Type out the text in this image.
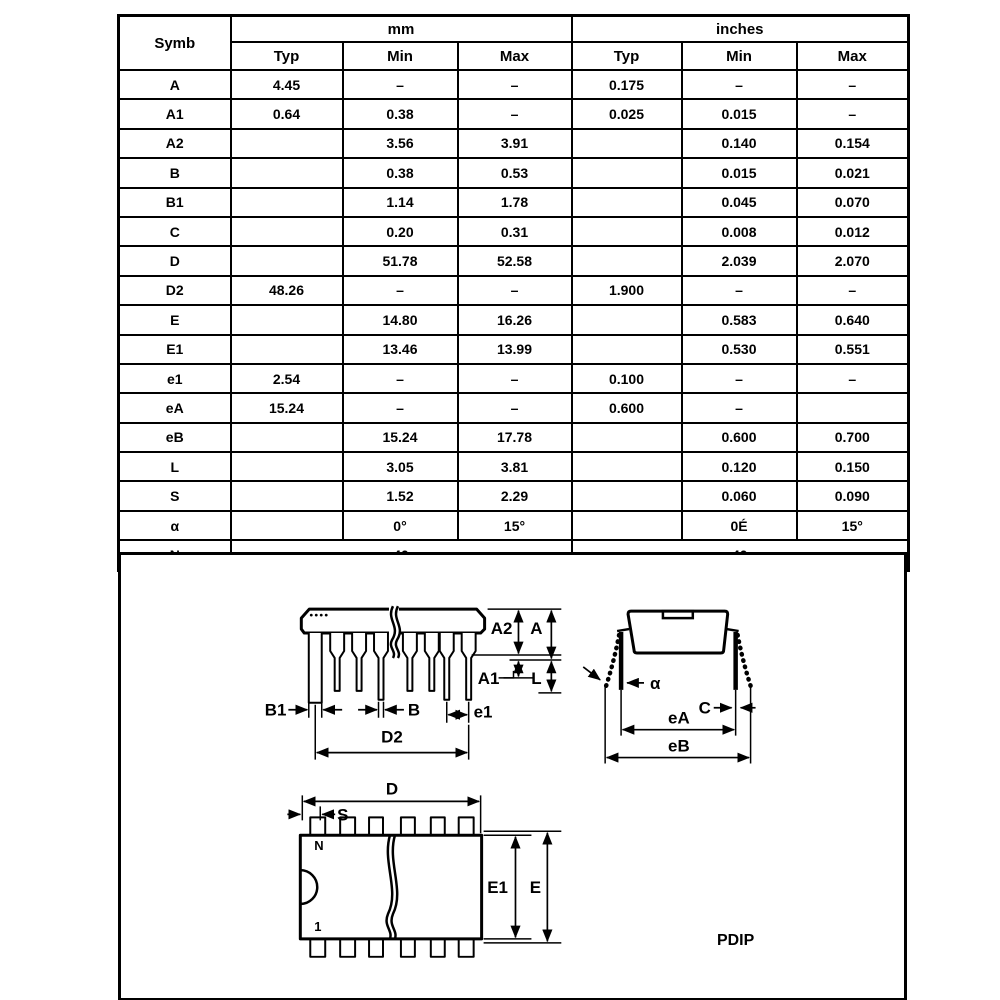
Symb	mm			inches		
	Typ	Min	Max	Typ	Min	Max
A	4.45	–	–	0.175	–	–
A1	0.64	0.38	–	0.025	0.015	–
A2		3.56	3.91		0.140	0.154
B		0.38	0.53		0.015	0.021
B1		1.14	1.78		0.045	0.070
C		0.20	0.31		0.008	0.012
D		51.78	52.58		2.039	2.070
D2	48.26	–	–	1.900	–	–
E		14.80	16.26		0.583	0.640
E1		13.46	13.99		0.530	0.551
e1	2.54	–	–	0.100	–	–
eA	15.24	–	–	0.600	–	
eB		15.24	17.78		0.600	0.700
L		3.05	3.81		0.120	0.150
S		1.52	2.29		0.060	0.090
α		0°	15°		0É	15°

B1	B	e1
D2
A2 A
A1 L	α
C
eA
eB
N
1
D
S
E1 E
PDIP
